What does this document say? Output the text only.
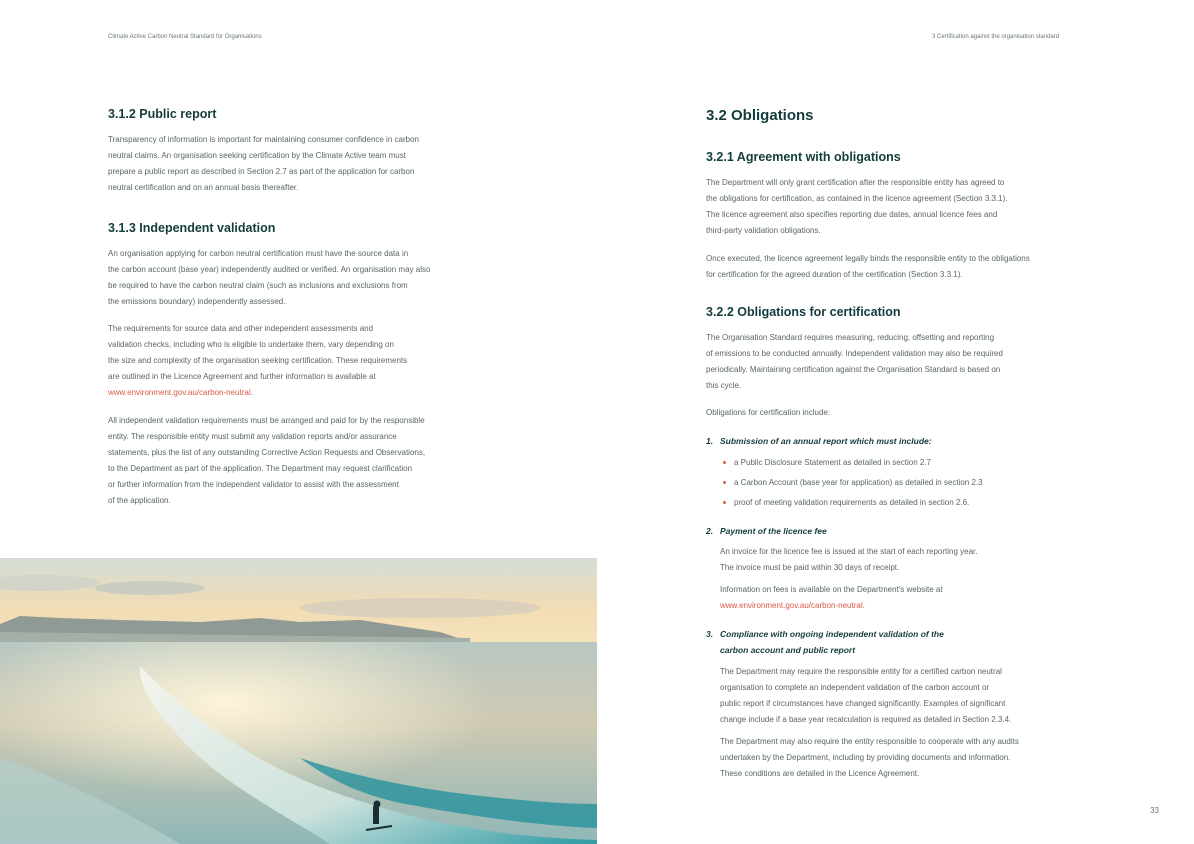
Climate Active Carbon Neutral Standard for Organisations	3 Certification against the organisation standard
3.1.2 Public report
Transparency of information is important for maintaining consumer confidence in carbon
neutral claims. An organisation seeking certification by the Climate Active team must
prepare a public report as described in Section 2.7 as part of the application for carbon
neutral certification and on an annual basis thereafter.
3.1.3 Independent validation
An organisation applying for carbon neutral certification must have the source data in
the carbon account (base year) independently audited or verified. An organisation may also
be required to have the carbon neutral claim (such as inclusions and exclusions from
the emissions boundary) independently assessed.
The requirements for source data and other independent assessments and
validation checks, including who is eligible to undertake them, vary depending on
the size and complexity of the organisation seeking certification. These requirements
are outlined in the Licence Agreement and further information is available at
www.environment.gov.au/carbon-neutral.
All independent validation requirements must be arranged and paid for by the responsible
entity. The responsible entity must submit any validation reports and/or assurance
statements, plus the list of any outstanding Corrective Action Requests and Observations,
to the Department as part of the application. The Department may request clarification
or further information from the independent validator to assist with the assessment
of the application.
3.2 Obligations
3.2.1 Agreement with obligations
The Department will only grant certification after the responsible entity has agreed to
the obligations for certification, as contained in the licence agreement (Section 3.3.1).
The licence agreement also specifies reporting due dates, annual licence fees and
third-party validation obligations.
Once executed, the licence agreement legally binds the responsible entity to the obligations
for certification for the agreed duration of the certification (Section 3.3.1).
3.2.2 Obligations for certification
The Organisation Standard requires measuring, reducing, offsetting and reporting
of emissions to be conducted annually. Independent validation may also be required
periodically. Maintaining certification against the Organisation Standard is based on
this cycle.
Obligations for certification include:
1. Submission of an annual report which must include:
a Public Disclosure Statement as detailed in section 2.7
a Carbon Account (base year for application) as detailed in section 2.3
proof of meeting validation requirements as detailed in section 2.6.
2. Payment of the licence fee
An invoice for the licence fee is issued at the start of each reporting year.
The invoice must be paid within 30 days of receipt.
Information on fees is available on the Department's website at
www.environment.gov.au/carbon-neutral.
3. Compliance with ongoing independent validation of the
carbon account and public report
The Department may require the responsible entity for a certified carbon neutral
organisation to complete an independent validation of the carbon account or
public report if circumstances have changed significantly. Examples of significant
change include if a base year recalculation is required as detailed in Section 2.3.4.
The Department may also require the entity responsible to cooperate with any audits
undertaken by the Department, including by providing documents and information.
These conditions are detailed in the Licence Agreement.
33
